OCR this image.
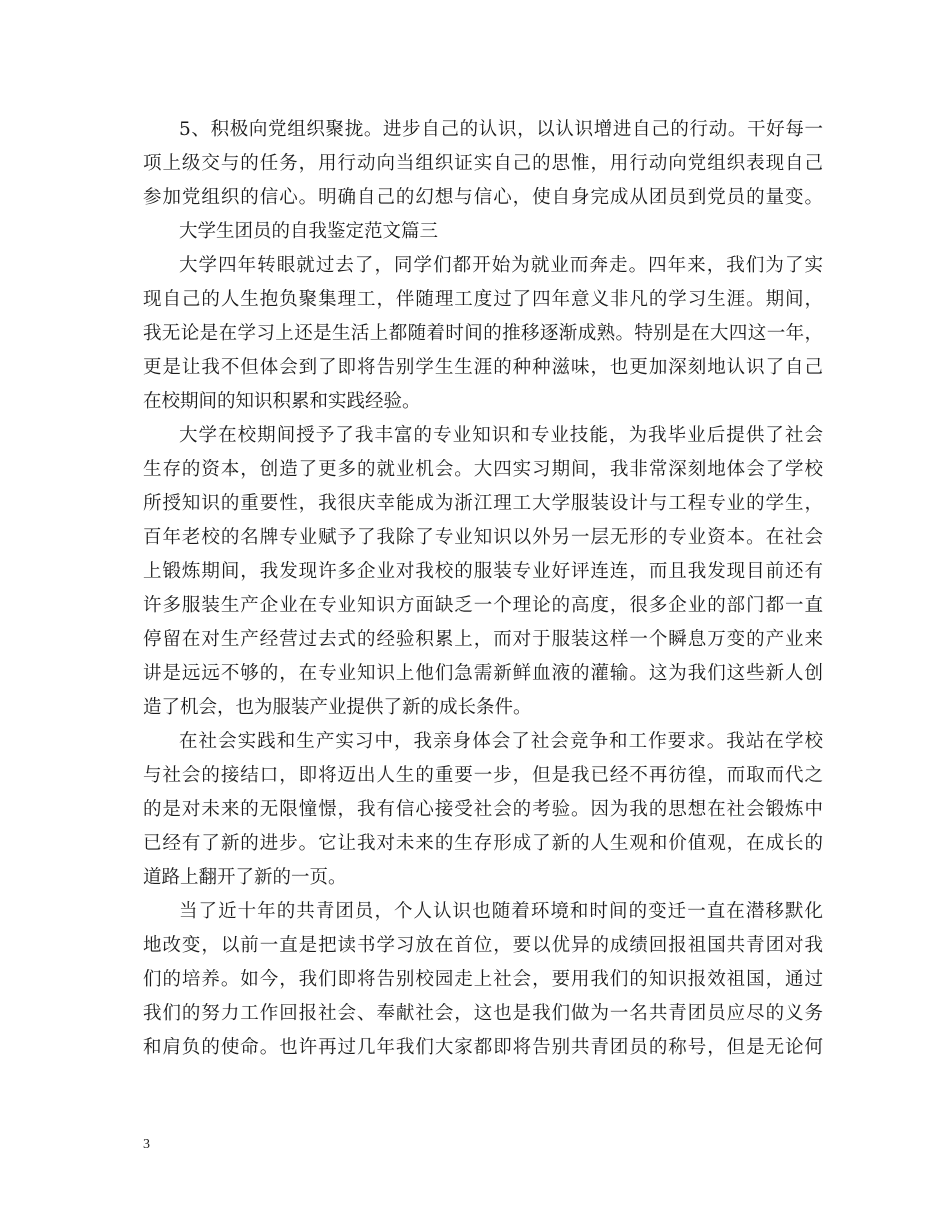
5、积极向党组织聚拢。进步自己的认识，以认识增进自己的行动。干好每一
项上级交与的任务，用行动向当组织证实自己的思惟，用行动向党组织表现自己
参加党组织的信心。明确自己的幻想与信心，使自身完成从团员到党员的量变。
大学生团员的自我鉴定范文篇三
大学四年转眼就过去了，同学们都开始为就业而奔走。四年来，我们为了实
现自己的人生抱负聚集理工，伴随理工度过了四年意义非凡的学习生涯。期间，
我无论是在学习上还是生活上都随着时间的推移逐渐成熟。特别是在大四这一年，
更是让我不但体会到了即将告别学生生涯的种种滋味，也更加深刻地认识了自己
在校期间的知识积累和实践经验。
大学在校期间授予了我丰富的专业知识和专业技能，为我毕业后提供了社会
生存的资本，创造了更多的就业机会。大四实习期间，我非常深刻地体会了学校
所授知识的重要性，我很庆幸能成为浙江理工大学服装设计与工程专业的学生，
百年老校的名牌专业赋予了我除了专业知识以外另一层无形的专业资本。在社会
上锻炼期间，我发现许多企业对我校的服装专业好评连连，而且我发现目前还有
许多服装生产企业在专业知识方面缺乏一个理论的高度，很多企业的部门都一直
停留在对生产经营过去式的经验积累上，而对于服装这样一个瞬息万变的产业来
讲是远远不够的，在专业知识上他们急需新鲜血液的灌输。这为我们这些新人创
造了机会，也为服装产业提供了新的成长条件。
在社会实践和生产实习中，我亲身体会了社会竞争和工作要求。我站在学校
与社会的接结口，即将迈出人生的重要一步，但是我已经不再彷徨，而取而代之
的是对未来的无限憧憬，我有信心接受社会的考验。因为我的思想在社会锻炼中
已经有了新的进步。它让我对未来的生存形成了新的人生观和价值观，在成长的
道路上翻开了新的一页。
当了近十年的共青团员，个人认识也随着环境和时间的变迁一直在潜移默化
地改变，以前一直是把读书学习放在首位，要以优异的成绩回报祖国共青团对我
们的培养。如今，我们即将告别校园走上社会，要用我们的知识报效祖国，通过
我们的努力工作回报社会、奉献社会，这也是我们做为一名共青团员应尽的义务
和肩负的使命。也许再过几年我们大家都即将告别共青团员的称号，但是无论何
3
